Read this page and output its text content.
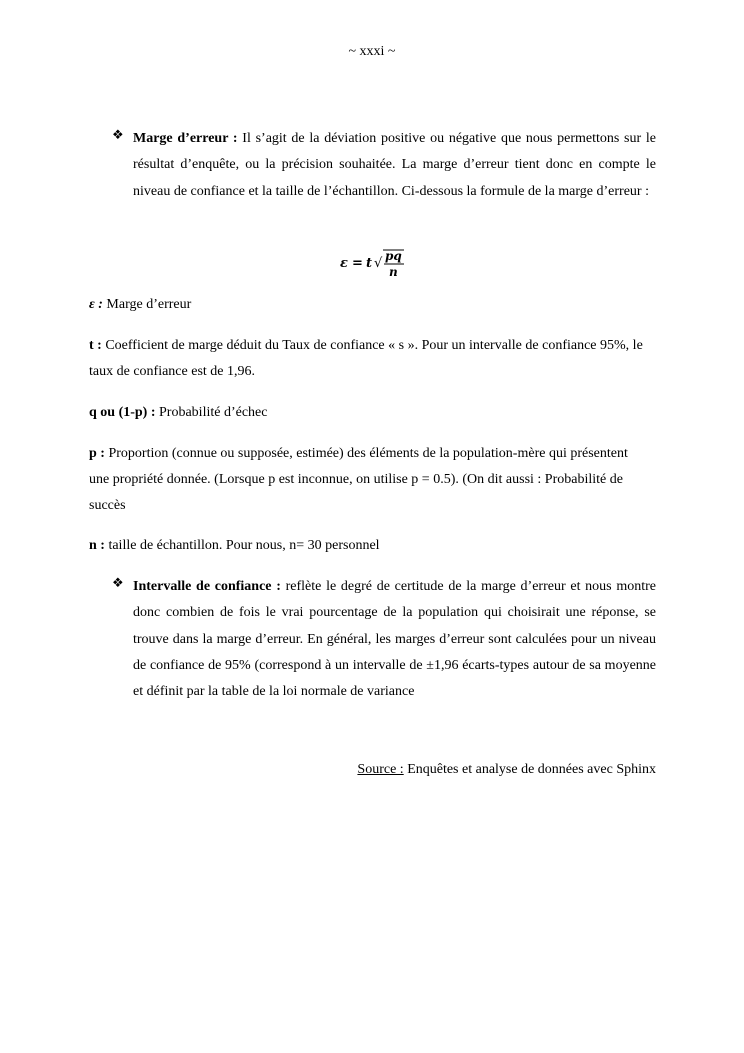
~ xxxi ~
❖ Marge d’erreur : Il s’agit de la déviation positive ou négative que nous permettons sur le résultat d’enquête, ou la précision souhaitée. La marge d’erreur tient donc en compte le niveau de confiance et la taille de l’échantillon. Ci-dessous la formule de la marge d’erreur :
ε = t √ pq
n
ε : Marge d’erreur
t : Coefficient de marge déduit du Taux de confiance « s ». Pour un intervalle de confiance 95%, le taux de confiance est de 1,96.
q ou (1-p) : Probabilité d’échec
p : Proportion (connue ou supposée, estimée) des éléments de la population-mère qui présentent une propriété donnée. (Lorsque p est inconnue, on utilise p = 0.5). (On dit aussi : Probabilité de succès
n : taille de échantillon. Pour nous, n= 30 personnel
❖ Intervalle de confiance : reflète le degré de certitude de la marge d’erreur et nous montre donc combien de fois le vrai pourcentage de la population qui choisirait une réponse, se trouve dans la marge d’erreur. En général, les marges d’erreur sont calculées pour un niveau de confiance de 95% (correspond à un intervalle de ±1,96 écarts-types autour de sa moyenne et définit par la table de la loi normale de variance
Source : Enquêtes et analyse de données avec Sphinx
